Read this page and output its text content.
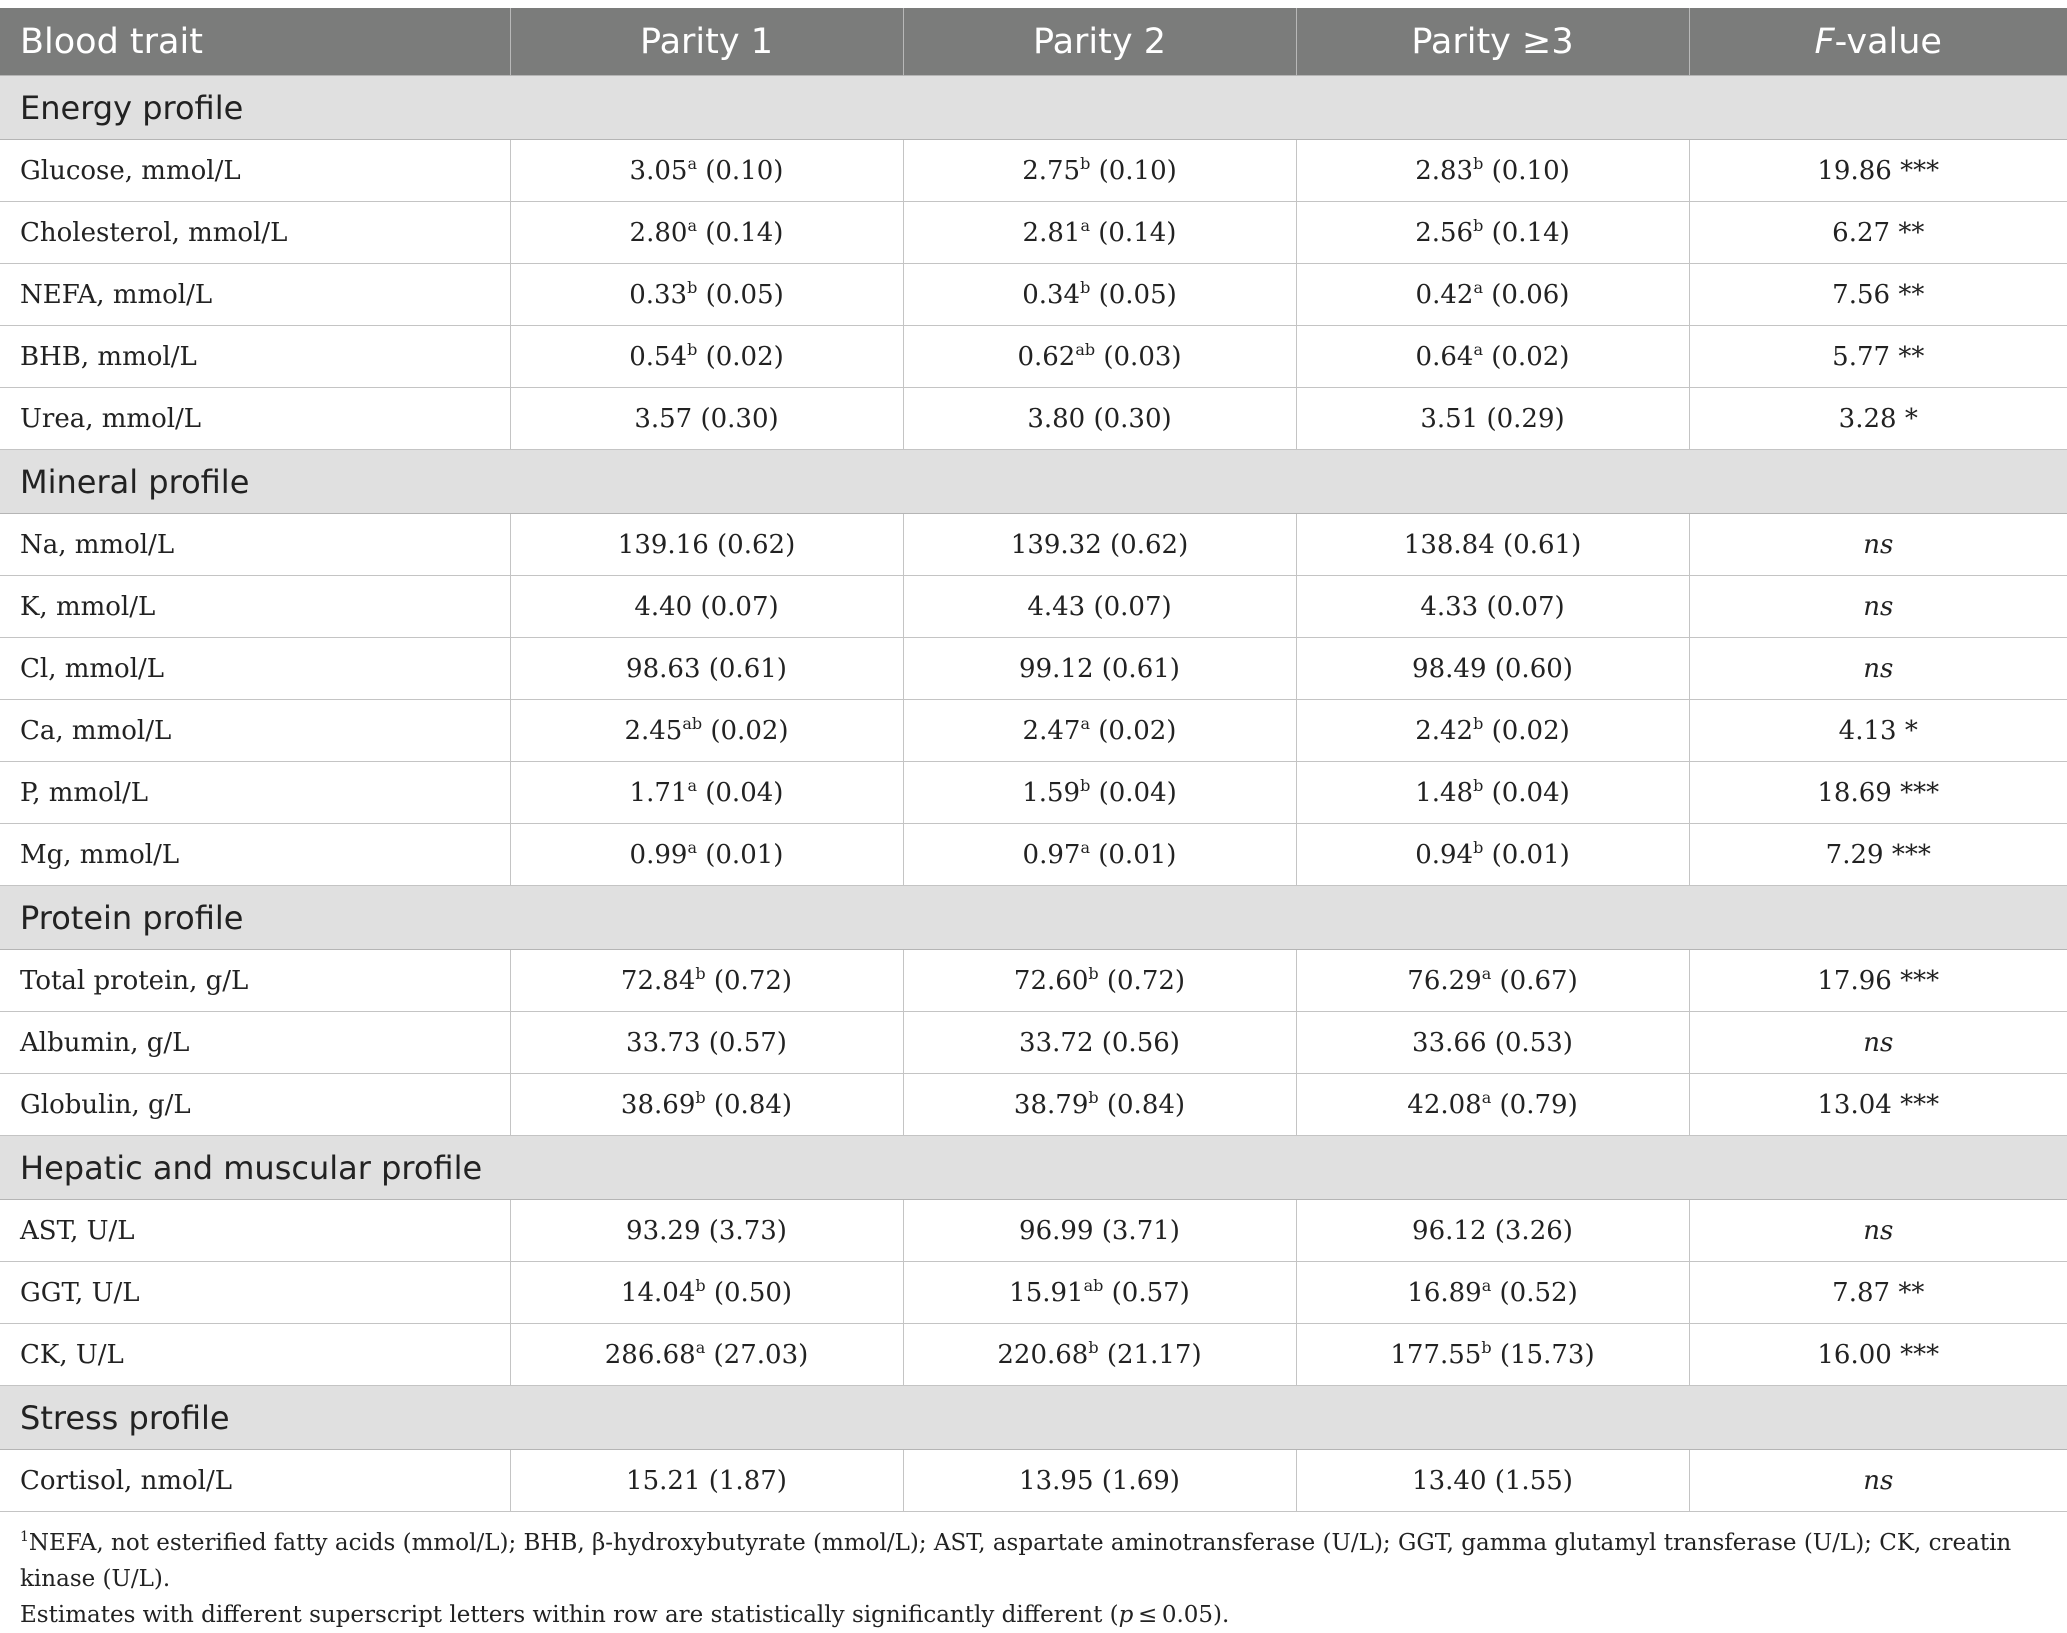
Blood trait	Parity 1	Parity 2	Parity ≥3	F-value
Energy profile				
Glucose, mmol/L	3.05$^a$ (0.10)	2.75$^b$ (0.10)	2.83$^b$ (0.10)	19.86 ***
Cholesterol, mmol/L	2.80$^a$ (0.14)	2.81$^a$ (0.14)	2.56$^b$ (0.14)	6.27 **
NEFA, mmol/L	0.33$^b$ (0.05)	0.34$^b$ (0.05)	0.42$^a$ (0.06)	7.56 **
BHB, mmol/L	0.54$^b$ (0.02)	0.62$^{ab}$ (0.03)	0.64$^a$ (0.02)	5.77 **
Urea, mmol/L	3.57 (0.30)	3.80 (0.30)	3.51 (0.29)	3.28 *
Mineral profile				
Na, mmol/L	139.16 (0.62)	139.32 (0.62)	138.84 (0.61)	ns
K, mmol/L	4.40 (0.07)	4.43 (0.07)	4.33 (0.07)	ns
Cl, mmol/L	98.63 (0.61)	99.12 (0.61)	98.49 (0.60)	ns
Ca, mmol/L	2.45$^{ab}$ (0.02)	2.47$^a$ (0.02)	2.42$^b$ (0.02)	4.13 *
P, mmol/L	1.71$^a$ (0.04)	1.59$^b$ (0.04)	1.48$^b$ (0.04)	18.69 ***
Mg, mmol/L	0.99$^a$ (0.01)	0.97$^a$ (0.01)	0.94$^b$ (0.01)	7.29 ***
Protein profile				
Total protein, g/L	72.84$^b$ (0.72)	72.60$^b$ (0.72)	76.29$^a$ (0.67)	17.96 ***
Albumin, g/L	33.73 (0.57)	33.72 (0.56)	33.66 (0.53)	ns
Globulin, g/L	38.69$^b$ (0.84)	38.79$^b$ (0.84)	42.08$^a$ (0.79)	13.04 ***
Hepatic and muscular profile				
AST, U/L	93.29 (3.73)	96.99 (3.71)	96.12 (3.26)	ns
GGT, U/L	14.04$^b$ (0.50)	15.91$^{ab}$ (0.57)	16.89$^a$ (0.52)	7.87 **
CK, U/L	286.68$^a$ (27.03)	220.68$^b$ (21.17)	177.55$^b$ (15.73)	16.00 ***
Stress profile				
Cortisol, nmol/L	15.21 (1.87)	13.95 (1.69)	13.40 (1.55)	ns
$^1$NEFA, not esterified fatty acids (mmol/L); BHB, β-hydroxybutyrate (mmol/L); AST, aspartate aminotransferase (U/L); GGT, gamma glutamyl transferase (U/L); CK, creatin kinase (U/L).
Estimates with different superscript letters within row are statistically significantly different (p ≤ 0.05).
